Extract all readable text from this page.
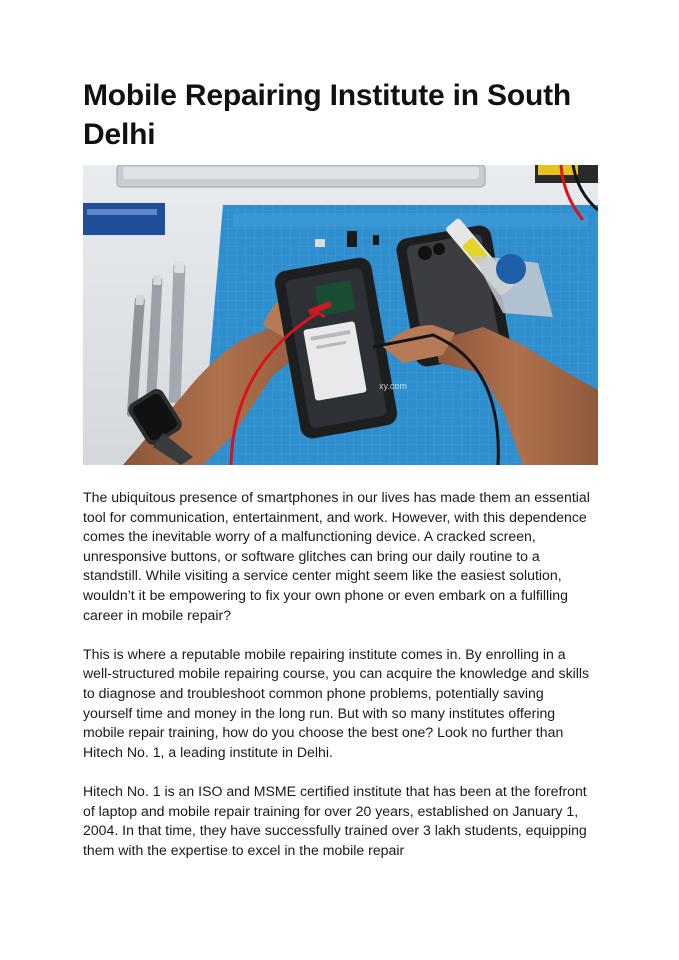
Mobile Repairing Institute in South Delhi
xy.com

The ubiquitous presence of smartphones in our lives has made them an essential tool for communication, entertainment, and work. However, with this dependence comes the inevitable worry of a malfunctioning device. A cracked screen, unresponsive buttons, or software glitches can bring our daily routine to a standstill. While visiting a service center might seem like the easiest solution, wouldn’t it be empowering to fix your own phone or even embark on a fulfilling career in mobile repair?

This is where a reputable mobile repairing institute comes in. By enrolling in a well-structured mobile repairing course, you can acquire the knowledge and skills to diagnose and troubleshoot common phone problems, potentially saving yourself time and money in the long run. But with so many institutes offering mobile repair training, how do you choose the best one? Look no further than Hitech No. 1, a leading institute in Delhi.

Hitech No. 1 is an ISO and MSME certified institute that has been at the forefront of laptop and mobile repair training for over 20 years, established on January 1, 2004. In that time, they have successfully trained over 3 lakh students, equipping them with the expertise to excel in the mobile repair
